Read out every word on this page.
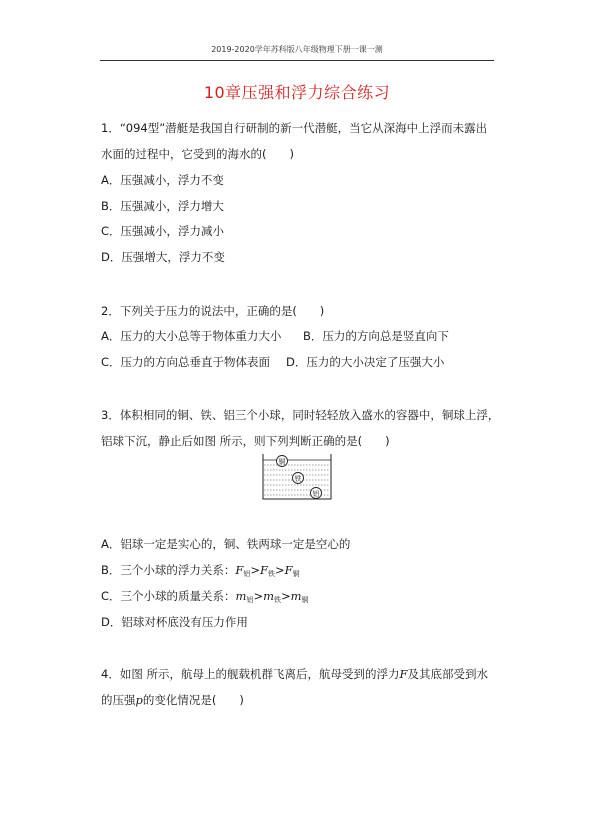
2019-2020学年苏科版八年级物理下册一课一测
10章压强和浮力综合练习
1．“094型”潜艇是我国自行研制的新一代潜艇，当它从深海中上浮而未露出
水面的过程中，它受到的海水的(　　)
A．压强减小，浮力不变
B．压强减小，浮力增大
C．压强减小，浮力减小
D．压强增大，浮力不变
2．下列关于压力的说法中，正确的是(　　)
A．压力的大小总等于物体重力大小 B．压力的方向总是竖直向下
C．压力的方向总垂直于物体表面 D．压力的大小决定了压强大小
3．体积相同的铜、铁、铝三个小球，同时轻轻放入盛水的容器中，铜球上浮，
铝球下沉，静止后如图 所示，则下列判断正确的是(　　)
铜
铁
铝
A．铝球一定是实心的，铜、铁两球一定是空心的
B．三个小球的浮力关系：$F_铝>F_铁>F_铜$
C．三个小球的质量关系：$m_铝>m_铁>m_铜$
D．铝球对杯底没有压力作用
4．如图 所示，航母上的舰载机群飞离后，航母受到的浮力F及其底部受到水
的压强p的变化情况是(　　)
